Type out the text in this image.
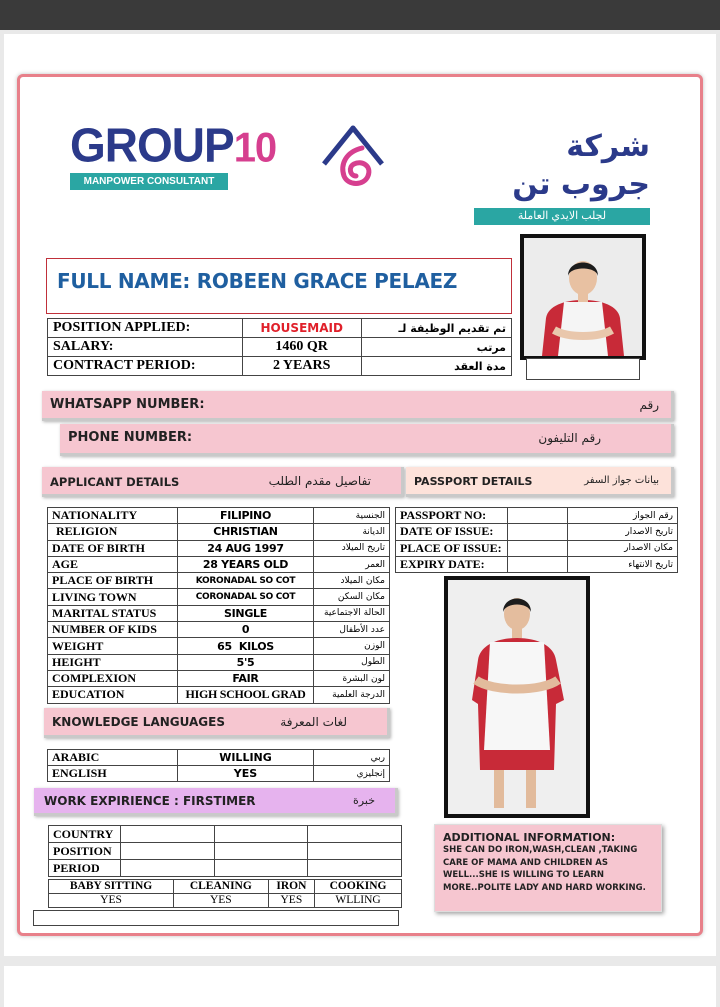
GROUP10
MANPOWER CONSULTANT
شركة جروب تن
لجلب الايدي العاملة
FULL NAME: ROBEEN GRACE PELAEZ
POSITION APPLIED:	HOUSEMAID	تم تقديم الوظيفة لـ
SALARY:	1460 QR	مرتب
CONTRACT PERIOD:	2 YEARS	مدة العقد
WHATSAPP NUMBER:	رقم
PHONE NUMBER:	رقم التليفون
APPLICANT DETAILS	تفاصيل مقدم الطلب	PASSPORT DETAILS	بيانات جواز السفر
NATIONALITY	FILIPINO	الجنسية
RELIGION	CHRISTIAN	الديانة
DATE OF BIRTH	24 AUG 1997	تاريخ الميلاد
AGE	28 YEARS OLD	العمر
PLACE OF BIRTH	KORONADAL SO COT	مكان الميلاد
LIVING TOWN	CORONADAL SO COT	مكان السكن
MARITAL STATUS	SINGLE	الحالة الاجتماعية
NUMBER OF KIDS	0	عدد الأطفال
WEIGHT	65  KILOS	الوزن
HEIGHT	5'5	الطول
COMPLEXION	FAIR	لون البشرة
EDUCATION	HIGH SCHOOL GRAD	الدرجة العلمية
PASSPORT NO:		رقم الجواز
DATE OF ISSUE:		تاريخ الاصدار
PLACE OF ISSUE:		مكان الاصدار
EXPIRY DATE:		تاريخ الانتهاء
KNOWLEDGE LANGUAGES	لغات المعرفة
ARABIC	WILLING	ربي
ENGLISH	YES	إنجليزي
WORK EXPIRIENCE : FIRSTIMER	خبرة
COUNTRY			
POSITION			
PERIOD			
BABY SITTING	CLEANING	IRON	COOKING
YES	YES	YES	WLLING
ADDITIONAL INFORMATION:
SHE CAN DO IRON,WASH,CLEAN ,TAKING CARE OF MAMA AND CHILDREN AS WELL...SHE IS WILLING TO LEARN MORE..POLITE LADY AND HARD WORKING.
